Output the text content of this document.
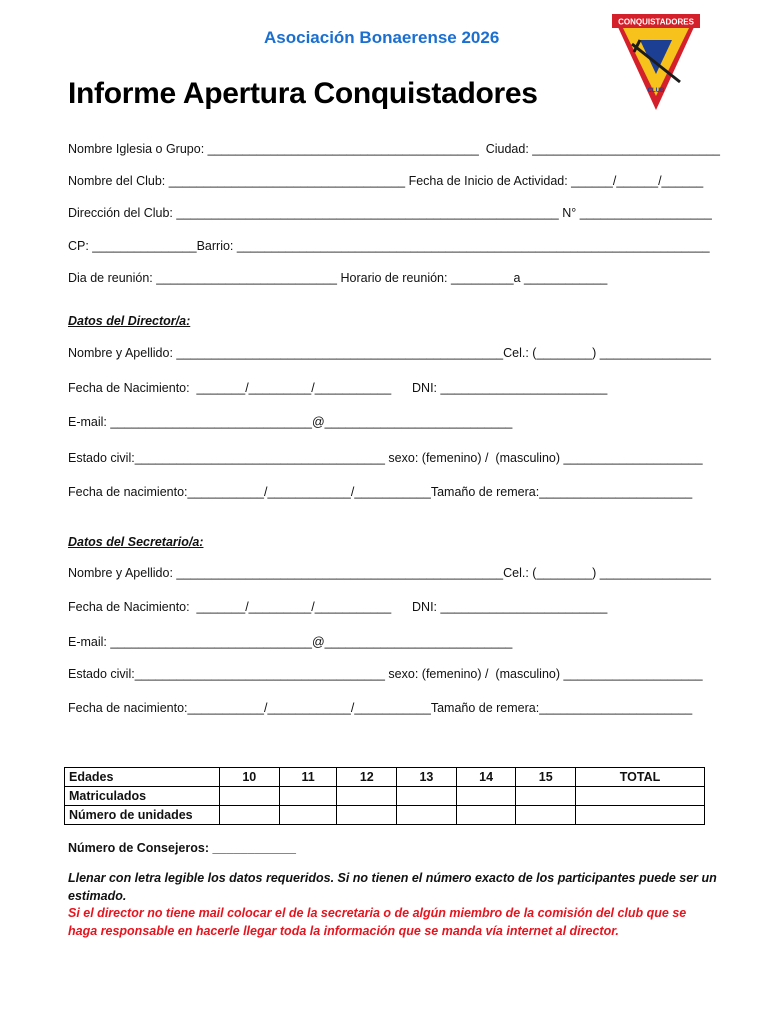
Asociación Bonaerense 2026
Informe Apertura Conquistadores
CONQUISTADORES
CLUB
Nombre Iglesia o Grupo: _______________________________________  Ciudad: ___________________________
Nombre del Club: __________________________________ Fecha de Inicio de Actividad: ______/______/______
Dirección del Club: _______________________________________________________ N° ___________________
CP: _______________Barrio: ____________________________________________________________________
Dia de reunión: __________________________ Horario de reunión: _________a ____________
Datos del Director/a:
Nombre y Apellido: _______________________________________________Cel.: (________) ________________
Fecha de Nacimiento:  _______/_________/___________      DNI: ________________________
E-mail: _____________________________@___________________________
Estado civil:____________________________________ sexo: (femenino) /  (masculino) ____________________
Fecha de nacimiento:___________/____________/___________Tamaño de remera:______________________
Datos del Secretario/a:
Nombre y Apellido: _______________________________________________Cel.: (________) ________________
Fecha de Nacimiento:  _______/_________/___________      DNI: ________________________
E-mail: _____________________________@___________________________
Estado civil:____________________________________ sexo: (femenino) /  (masculino) ____________________
Fecha de nacimiento:___________/____________/___________Tamaño de remera:______________________
Edades	10	11	12	13	14	15	TOTAL
Matriculados							
Número de unidades							
Número de Consejeros: ____________
Llenar con letra legible los datos requeridos. Si no tienen el número exacto de los participantes puede ser un estimado.
Si el director no tiene mail colocar el de la secretaria o de algún miembro de la comisión del club que se haga responsable en hacerle llegar toda la información que se manda vía internet al director.
